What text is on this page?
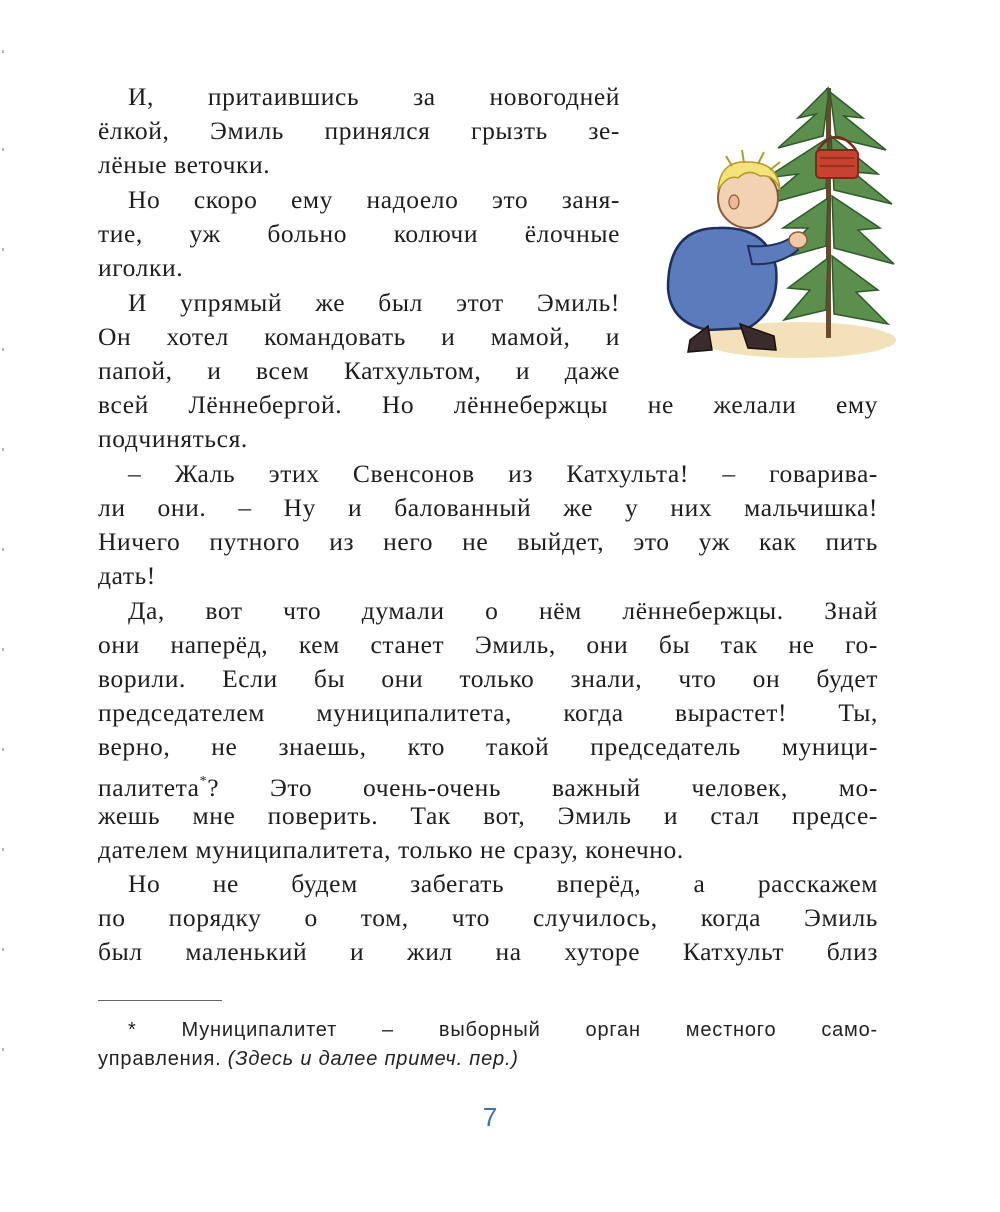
И, притаившись за новогодней
ёлкой, Эмиль принялся грызть зе-
лёные веточки.
Но скоро ему надоело это заня-
тие, уж больно колючи ёлочные
иголки.
И упрямый же был этот Эмиль!
Он хотел командовать и мамой, и
папой, и всем Катхультом, и даже
всей Лённебергой. Но лённебержцы не желали ему
подчиняться.
– Жаль этих Свенсонов из Катхульта! – говарива-
ли они. – Ну и балованный же у них мальчишка!
Ничего путного из него не выйдет, это уж как пить
дать!
Да, вот что думали о нём лённебержцы. Знай
они наперёд, кем станет Эмиль, они бы так не го-
ворили. Если бы они только знали, что он будет
председателем муниципалитета, когда вырастет! Ты,
верно, не знаешь, кто такой председатель муници-
палитета*? Это очень-очень важный человек, мо-
жешь мне поверить. Так вот, Эмиль и стал предсе-
дателем муниципалитета, только не сразу, конечно.
Но не будем забегать вперёд, а расскажем
по порядку о том, что случилось, когда Эмиль
был маленький и жил на хуторе Катхульт близ
* Муниципалитет – выборный орган местного само-
управления. (Здесь и далее примеч. пер.)
7
